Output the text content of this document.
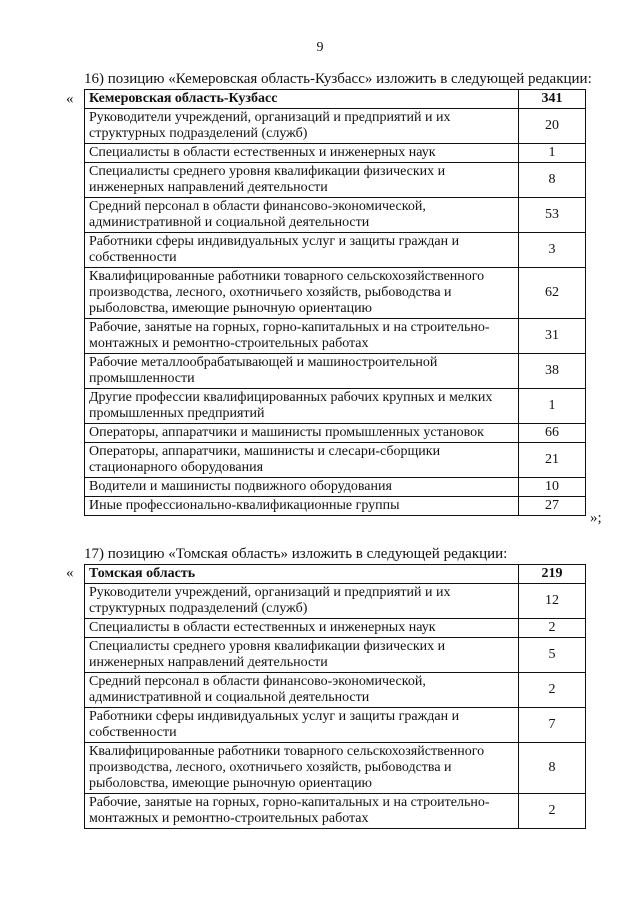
9
16) позицию «Кемеровская область-Кузбасс» изложить в следующей редакции:
« Кемеровская область-Кузбасс	341
Руководители учреждений, организаций и предприятий и их структурных подразделений (служб)	20
Специалисты в области естественных и инженерных наук	1
Специалисты среднего уровня квалификации физических и инженерных направлений деятельности	8
Средний персонал в области финансово-экономической, административной и социальной деятельности	53
Работники сферы индивидуальных услуг и защиты граждан и собственности	3
Квалифицированные работники товарного сельскохозяйственного производства, лесного, охотничьего хозяйств, рыбоводства и рыболовства, имеющие рыночную ориентацию	62
Рабочие, занятые на горных, горно-капитальных и на строительно-монтажных и ремонтно-строительных работах	31
Рабочие металлообрабатывающей и машиностроительной промышленности	38
Другие профессии квалифицированных рабочих крупных и мелких промышленных предприятий	1
Операторы, аппаратчики и машинисты промышленных установок	66
Операторы, аппаратчики, машинисты и слесари-сборщики стационарного оборудования	21
Водители и машинисты подвижного оборудования	10
Иные профессионально-квалификационные группы	27
»;
17) позицию «Томская область» изложить в следующей редакции:
« Томская область	219
Руководители учреждений, организаций и предприятий и их структурных подразделений (служб)	12
Специалисты в области естественных и инженерных наук	2
Специалисты среднего уровня квалификации физических и инженерных направлений деятельности	5
Средний персонал в области финансово-экономической, административной и социальной деятельности	2
Работники сферы индивидуальных услуг и защиты граждан и собственности	7
Квалифицированные работники товарного сельскохозяйственного производства, лесного, охотничьего хозяйств, рыбоводства и рыболовства, имеющие рыночную ориентацию	8
Рабочие, занятые на горных, горно-капитальных и на строительно-монтажных и ремонтно-строительных работах	2
